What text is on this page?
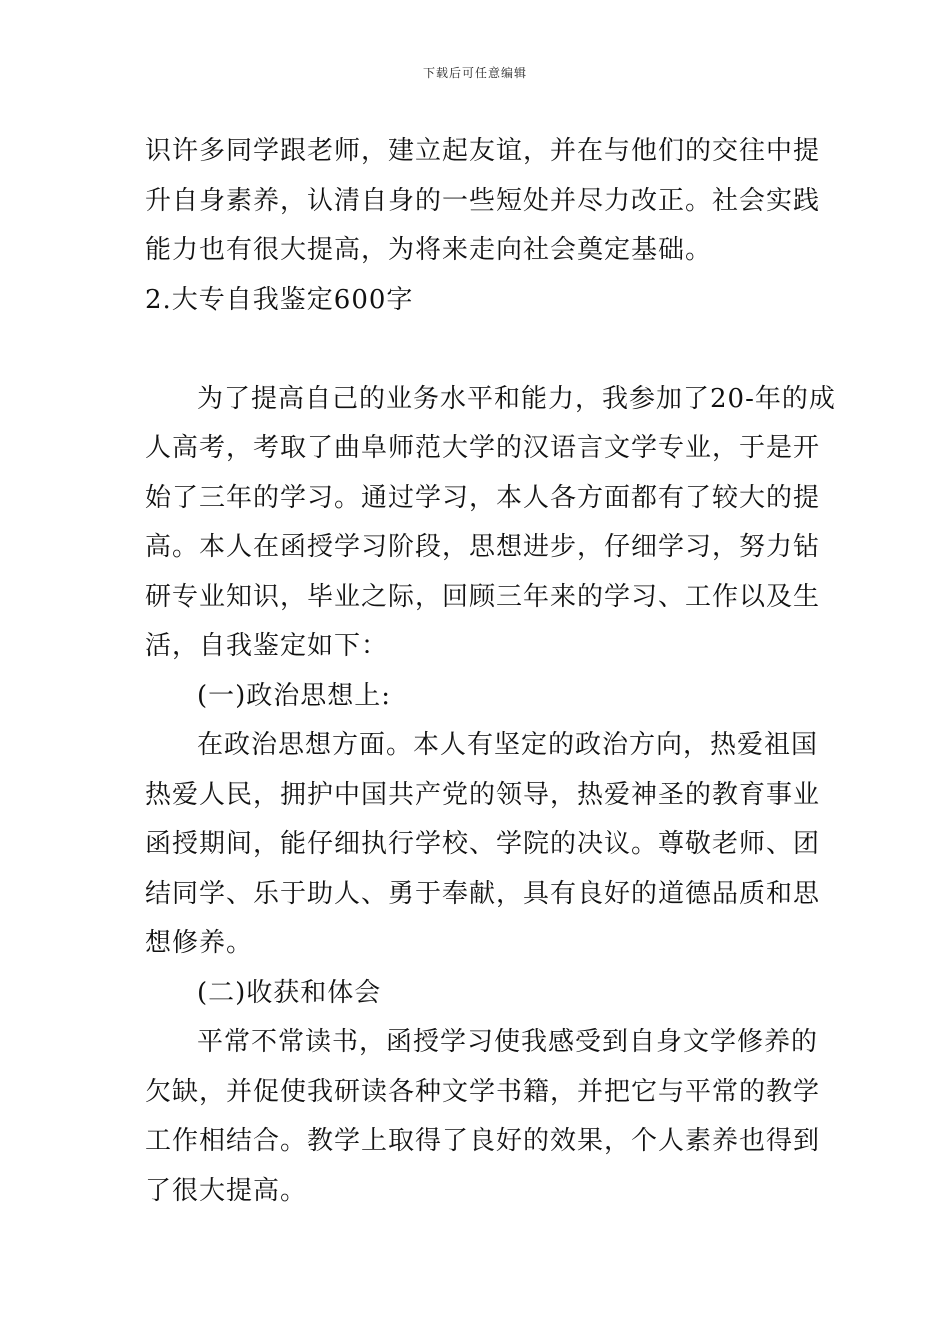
下载后可任意编辑
识许多同学跟老师，建立起友谊，并在与他们的交往中提
升自身素养，认清自身的一些短处并尽力改正。社会实践
能力也有很大提高，为将来走向社会奠定基础。
2.大专自我鉴定600字
为了提高自己的业务水平和能力，我参加了20-年的成
人高考，考取了曲阜师范大学的汉语言文学专业，于是开
始了三年的学习。通过学习，本人各方面都有了较大的提
高。本人在函授学习阶段，思想进步，仔细学习，努力钻
研专业知识，毕业之际，回顾三年来的学习、工作以及生
活，自我鉴定如下：
(一)政治思想上:
在政治思想方面。本人有坚定的政治方向，热爱祖国
热爱人民，拥护中国共产党的领导，热爱神圣的教育事业
函授期间，能仔细执行学校、学院的决议。尊敬老师、团
结同学、乐于助人、勇于奉献，具有良好的道德品质和思
想修养。
(二)收获和体会
平常不常读书，函授学习使我感受到自身文学修养的
欠缺，并促使我研读各种文学书籍，并把它与平常的教学
工作相结合。教学上取得了良好的效果，个人素养也得到
了很大提高。
